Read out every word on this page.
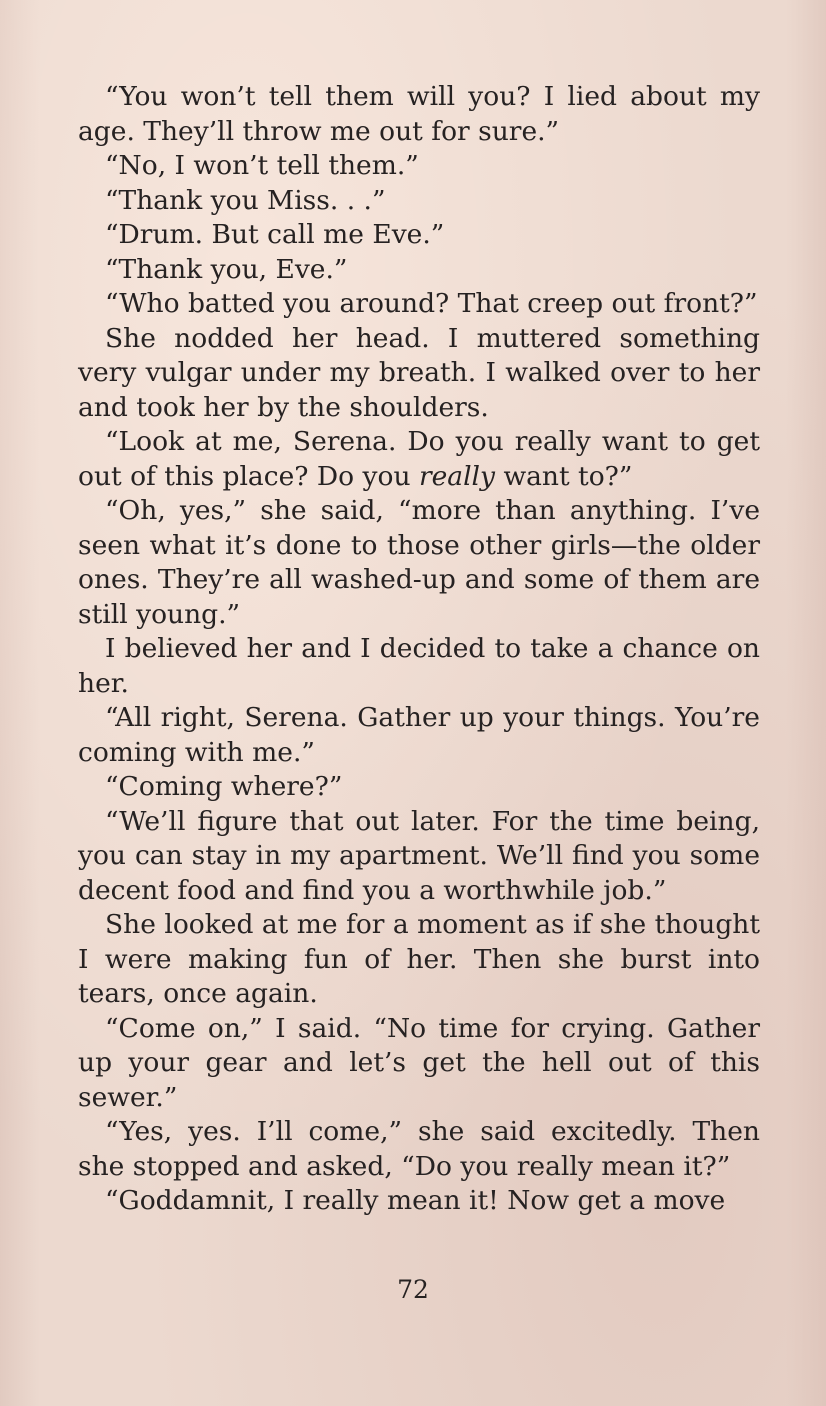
“You won’t tell them will you? I lied about my age. They’ll throw me out for sure.”

“No, I won’t tell them.”

“Thank you Miss. . .”

“Drum. But call me Eve.”

“Thank you, Eve.”

“Who batted you around? That creep out front?”

She nodded her head. I muttered something very vulgar under my breath. I walked over to her and took her by the shoulders.

“Look at me, Serena. Do you really want to get out of this place? Do you really want to?”

“Oh, yes,” she said, “more than anything. I’ve seen what it’s done to those other girls—the older ones. They’re all washed-up and some of them are still young.”

I believed her and I decided to take a chance on her.

“All right, Serena. Gather up your things. You’re coming with me.”

“Coming where?”

“We’ll figure that out later. For the time being, you can stay in my apartment. We’ll find you some decent food and find you a worthwhile job.”

She looked at me for a moment as if she thought I were making fun of her. Then she burst into tears, once again.

“Come on,” I said. “No time for crying. Gather up your gear and let’s get the hell out of this sewer.”

“Yes, yes. I’ll come,” she said excitedly. Then she stopped and asked, “Do you really mean it?”

“Goddamnit, I really mean it! Now get a move

72
